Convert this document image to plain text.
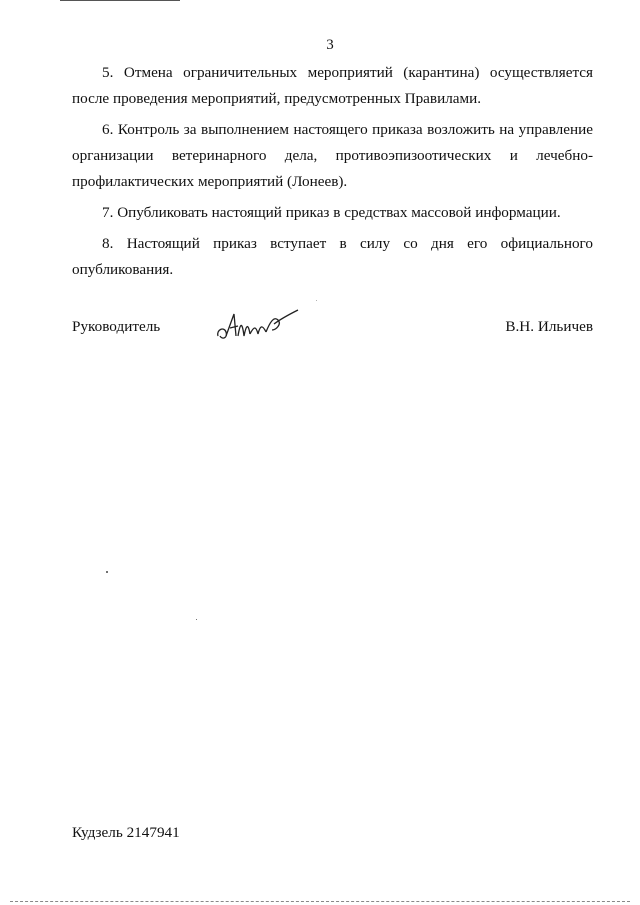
3

5. Отмена ограничительных мероприятий (карантина) осуществляется после проведения мероприятий, предусмотренных Правилами.

6. Контроль за выполнением настоящего приказа возложить на управление организации ветеринарного дела, противоэпизоотических и лечебно-профилактических мероприятий (Лонеев).

7. Опубликовать настоящий приказ в средствах массовой информации.

8. Настоящий приказ вступает в силу со дня его официального опубликования.

Руководитель	В.Н. Ильичев
Кудзель 2147941
